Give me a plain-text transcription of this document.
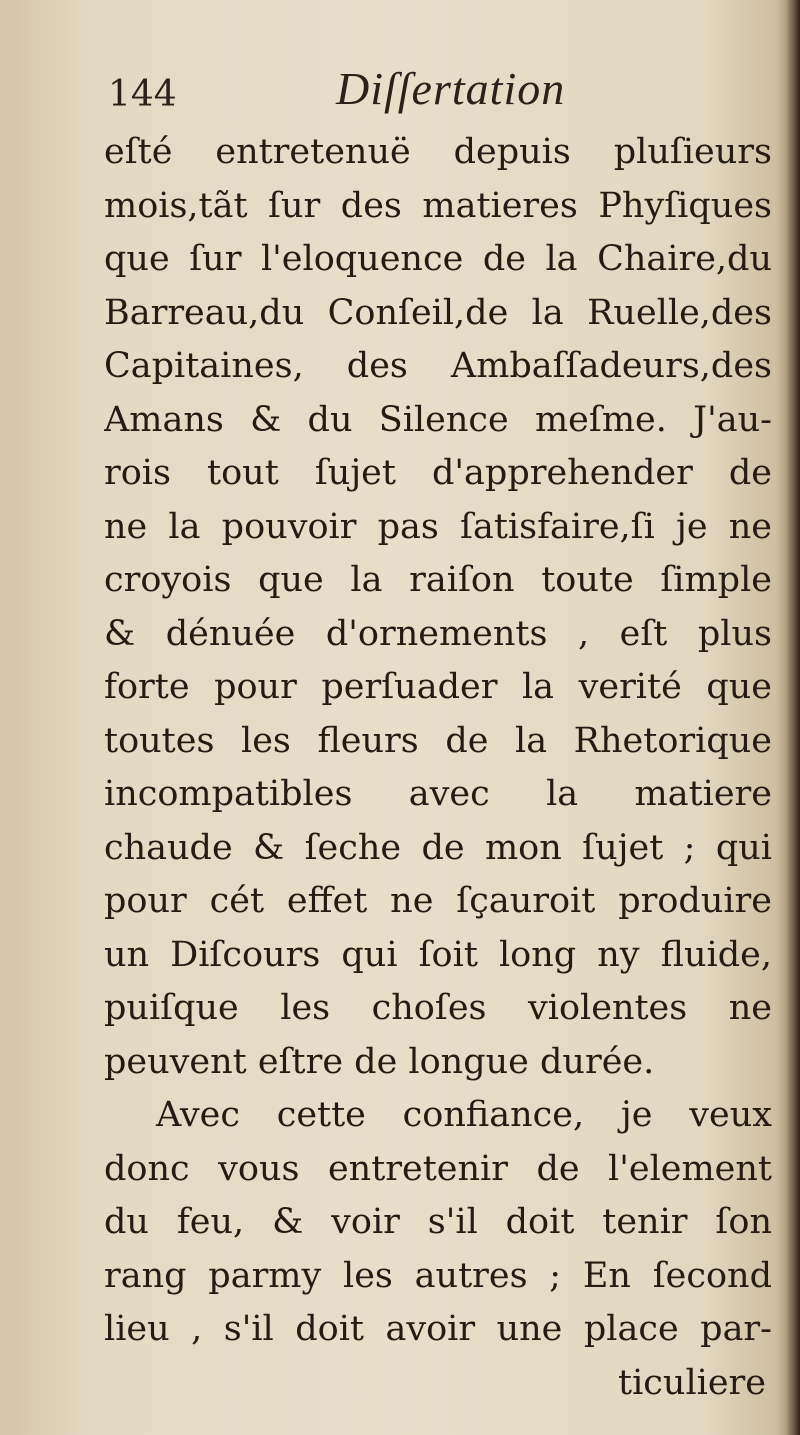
144	Diſſertation
eſté entretenuë depuis pluſieurs
mois,tãt ſur des matieres Phyſiques
que ſur l'eloquence de la Chaire,du
Barreau,du Conſeil,de la Ruelle,des
Capitaines, des Ambaſſadeurs,des
Amans & du Silence meſme. J'au-
rois tout ſujet d'apprehender de
ne la pouvoir pas ſatisfaire,ſi je ne
croyois que la raiſon toute ſimple
& dénuée d'ornements , eſt plus
forte pour perſuader la verité que
toutes les fleurs de la Rhetorique
incompatibles avec la matiere
chaude & ſeche de mon ſujet ; qui
pour cét effet ne ſçauroit produire
un Diſcours qui ſoit long ny fluide,
puiſque les choſes violentes ne
peuvent eſtre de longue durée.
Avec cette confiance, je veux
donc vous entretenir de l'element
du feu, & voir s'il doit tenir ſon
rang parmy les autres ; En ſecond
lieu , s'il doit avoir une place par-
ticuliere
